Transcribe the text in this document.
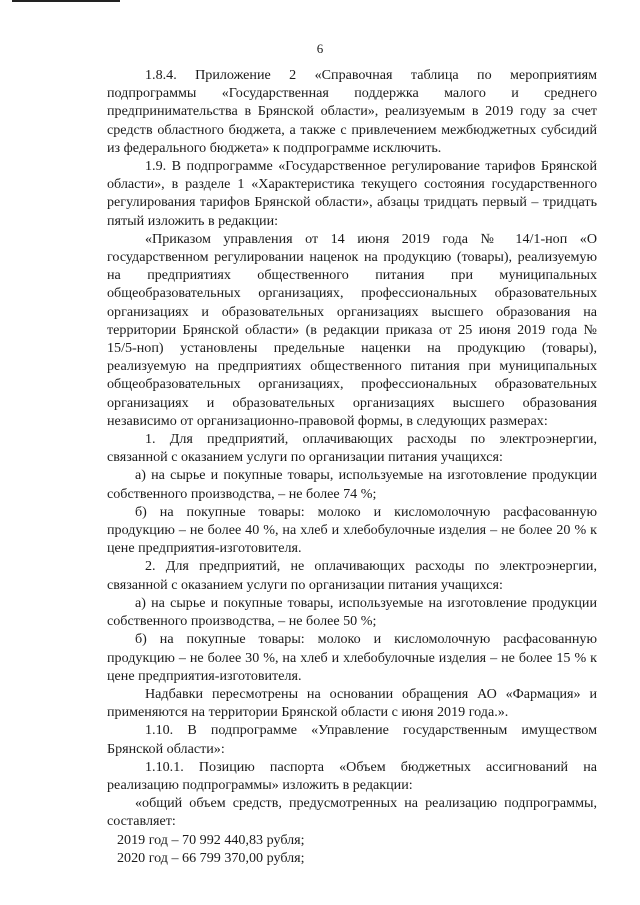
6

1.8.4. Приложение 2 «Справочная таблица по мероприятиям подпрограммы «Государственная поддержка малого и среднего предпринимательства в Брянской области», реализуемым в 2019 году за счет средств областного бюджета, а также с привлечением межбюджетных субсидий из федерального бюджета» к подпрограмме исключить.

1.9. В подпрограмме «Государственное регулирование тарифов Брянской области», в разделе 1 «Характеристика текущего состояния государственного регулирования тарифов Брянской области», абзацы тридцать первый – тридцать пятый изложить в редакции:

«Приказом управления от 14 июня 2019 года № 14/1-ноп «О государственном регулировании наценок на продукцию (товары), реализуемую на предприятиях общественного питания при муниципальных общеобразовательных организациях, профессиональных образовательных организациях и образовательных организациях высшего образования на территории Брянской области» (в редакции приказа от 25 июня 2019 года № 15/5-ноп) установлены предельные наценки на продукцию (товары), реализуемую на предприятиях общественного питания при муниципальных общеобразовательных организациях, профессиональных образовательных организациях и образовательных организациях высшего образования независимо от организационно-правовой формы, в следующих размерах:

1. Для предприятий, оплачивающих расходы по электроэнергии, связанной с оказанием услуги по организации питания учащихся:

а) на сырье и покупные товары, используемые на изготовление продукции собственного производства, – не более 74 %;

б) на покупные товары: молоко и кисломолочную расфасованную продукцию – не более 40 %, на хлеб и хлебобулочные изделия – не более 20 % к цене предприятия-изготовителя.

2. Для предприятий, не оплачивающих расходы по электроэнергии, связанной с оказанием услуги по организации питания учащихся:

а) на сырье и покупные товары, используемые на изготовление продукции собственного производства, – не более 50 %;

б) на покупные товары: молоко и кисломолочную расфасованную продукцию – не более 30 %, на хлеб и хлебобулочные изделия – не более 15 % к цене предприятия-изготовителя.

Надбавки пересмотрены на основании обращения АО «Фармация» и применяются на территории Брянской области с июня 2019 года.».

1.10. В подпрограмме «Управление государственным имуществом Брянской области»:

1.10.1. Позицию паспорта «Объем бюджетных ассигнований на реализацию подпрограммы» изложить в редакции:

«общий объем средств, предусмотренных на реализацию подпрограммы, составляет:

2019 год – 70 992 440,83 рубля;

2020 год – 66 799 370,00 рубля;
